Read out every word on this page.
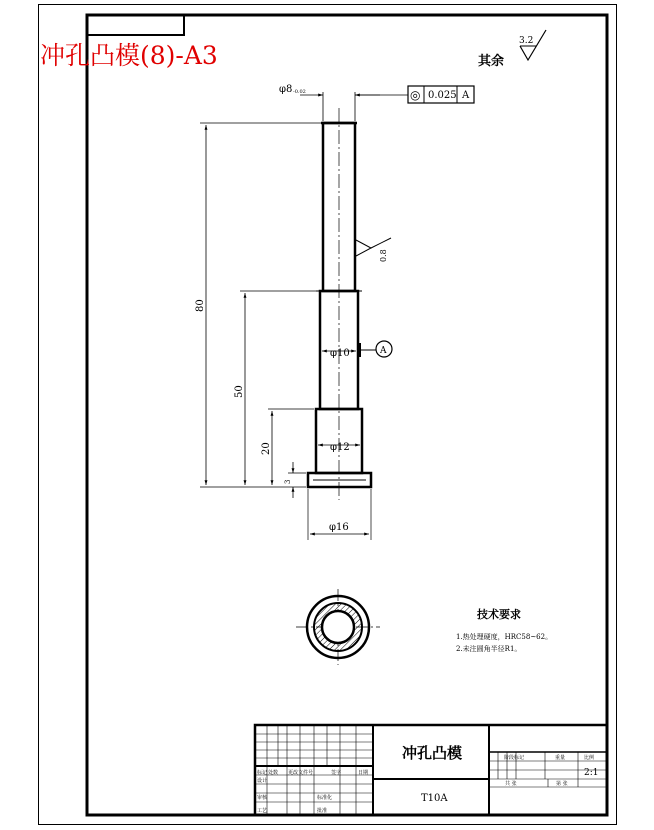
冲孔凸模(8)-A3	其余
3.2
φ8 -0.02	◎ 0.025 A
0.8
80
50
20
3
φ10
φ12
φ16
A
技术要求
1.热处理硬度，HRC58~62。
2.未注圆角半径R1。
冲孔凸模
T10A
2:1
标记 处数 更改文件号	签字	日期
设计
审核
工艺	批准
标准化
阶段标记	重量	比例
共 张	第 张
